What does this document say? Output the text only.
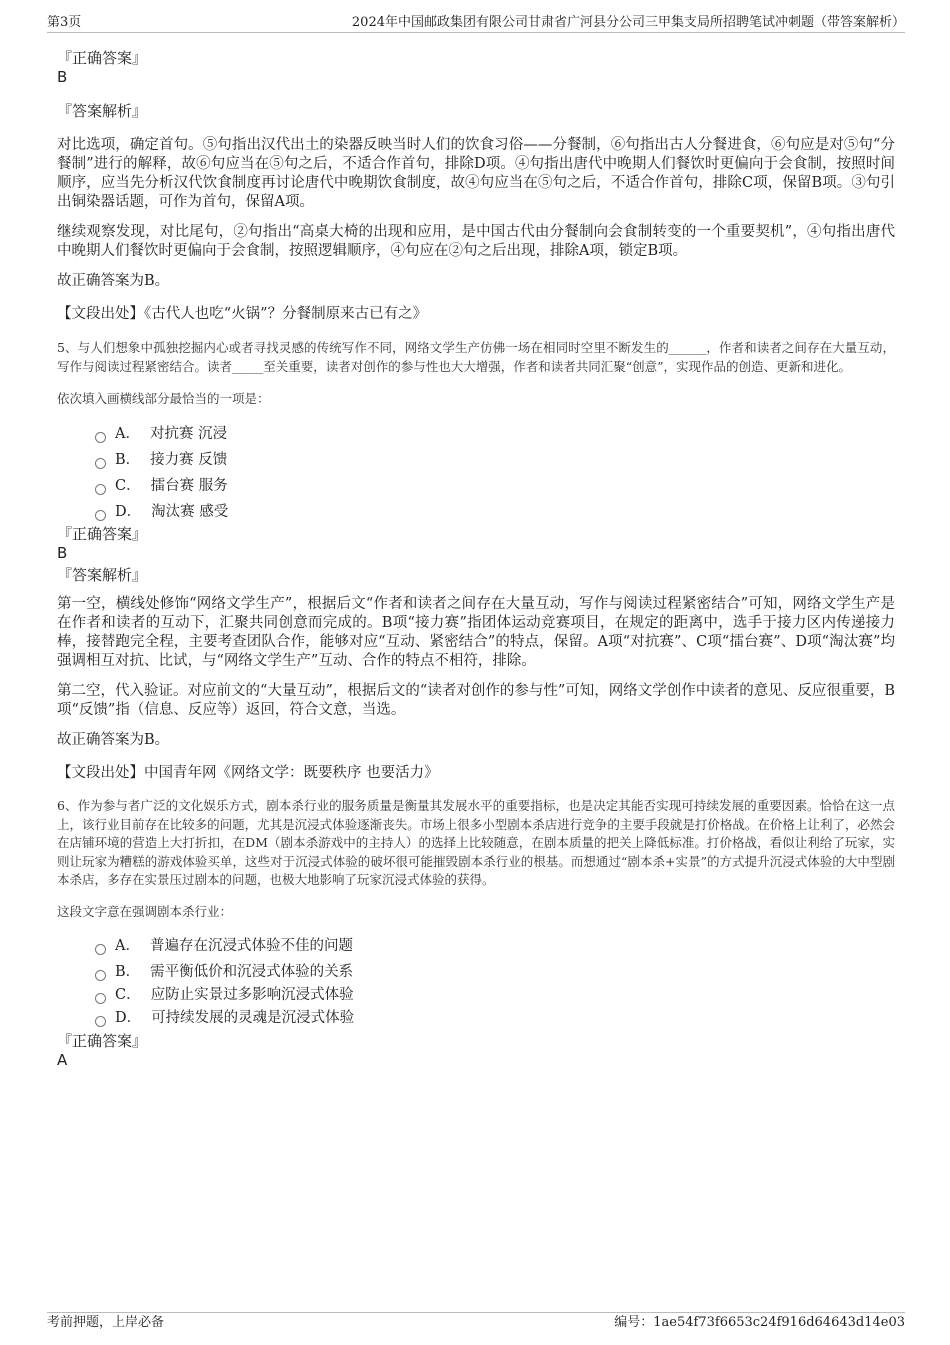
第3页	2024年中国邮政集团有限公司甘肃省广河县分公司三甲集支局所招聘笔试冲刺题（带答案解析）
『正确答案』
B
『答案解析』

对比选项，确定首句。⑤句指出汉代出土的染器反映当时人们的饮食习俗——分餐制，⑥句指出古人分餐进食，⑥句应是对⑤句“分餐制”进行的解释，故⑥句应当在⑤句之后，不适合作首句，排除D项。④句指出唐代中晚期人们餐饮时更偏向于会食制，按照时间顺序，应当先分析汉代饮食制度再讨论唐代中晚期饮食制度，故④句应当在⑤句之后，不适合作首句，排除C项，保留B项。③句引出铜染器话题，可作为首句，保留A项。

继续观察发现，对比尾句，②句指出“高桌大椅的出现和应用，是中国古代由分餐制向会食制转变的一个重要契机”，④句指出唐代中晚期人们餐饮时更偏向于会食制，按照逻辑顺序，④句应在②句之后出现，排除A项，锁定B项。

故正确答案为B。

【文段出处】《古代人也吃“火锅”？分餐制原来古已有之》

5、与人们想象中孤独挖掘内心或者寻找灵感的传统写作不同，网络文学生产仿佛一场在相同时空里不断发生的______，作者和读者之间存在大量互动，写作与阅读过程紧密结合。读者_____至关重要，读者对创作的参与性也大大增强，作者和读者共同汇聚“创意”，实现作品的创造、更新和进化。

依次填入画横线部分最恰当的一项是：
A． 对抗赛 沉浸
B． 接力赛 反馈
C． 擂台赛 服务
D． 淘汰赛 感受
『正确答案』
B
『答案解析』

第一空，横线处修饰“网络文学生产”，根据后文“作者和读者之间存在大量互动，写作与阅读过程紧密结合”可知，网络文学生产是在作者和读者的互动下，汇聚共同创意而完成的。B项“接力赛”指团体运动竞赛项目，在规定的距离中，选手于接力区内传递接力棒，接替跑完全程，主要考查团队合作，能够对应“互动、紧密结合”的特点，保留。A项“对抗赛”、C项“擂台赛”、D项“淘汰赛”均强调相互对抗、比试，与“网络文学生产”互动、合作的特点不相符，排除。

第二空，代入验证。对应前文的“大量互动”，根据后文的“读者对创作的参与性”可知，网络文学创作中读者的意见、反应很重要，B项“反馈”指（信息、反应等）返回，符合文意，当选。

故正确答案为B。

【文段出处】中国青年网《网络文学：既要秩序 也要活力》

6、作为参与者广泛的文化娱乐方式，剧本杀行业的服务质量是衡量其发展水平的重要指标，也是决定其能否实现可持续发展的重要因素。恰恰在这一点上，该行业目前存在比较多的问题，尤其是沉浸式体验逐渐丧失。市场上很多小型剧本杀店进行竞争的主要手段就是打价格战。在价格上让利了，必然会在店铺环境的营造上大打折扣，在DM（剧本杀游戏中的主持人）的选择上比较随意，在剧本质量的把关上降低标准。打价格战，看似让利给了玩家，实则让玩家为糟糕的游戏体验买单，这些对于沉浸式体验的破坏很可能摧毁剧本杀行业的根基。而想通过“剧本杀+实景”的方式提升沉浸式体验的大中型剧本杀店，多存在实景压过剧本的问题，也极大地影响了玩家沉浸式体验的获得。

这段文字意在强调剧本杀行业：
A． 普遍存在沉浸式体验不佳的问题
B． 需平衡低价和沉浸式体验的关系
C． 应防止实景过多影响沉浸式体验
D． 可持续发展的灵魂是沉浸式体验
『正确答案』
A
考前押题，上岸必备	编号：1ae54f73f6653c24f916d64643d14e03
